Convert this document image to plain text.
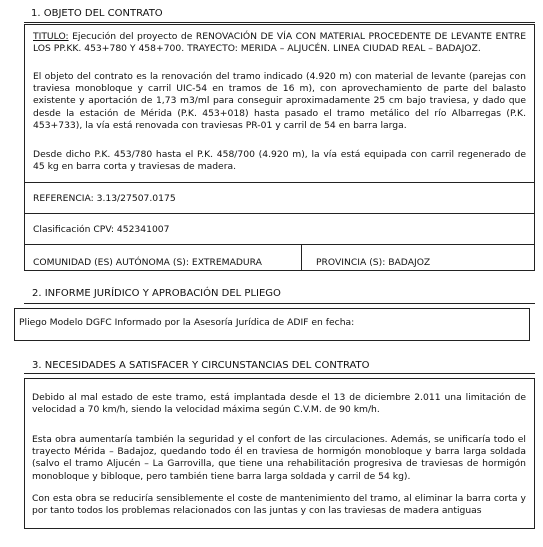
1. OBJETO DEL CONTRATO
TITULO: Ejecución del proyecto de RENOVACIÓN DE VÍA CON MATERIAL PROCEDENTE DE LEVANTE ENTRE LOS PP.KK. 453+780 Y 458+700. TRAYECTO: MERIDA – ALJUCÉN. LINEA CIUDAD REAL – BADAJOZ.
El objeto del contrato es la renovación del tramo indicado (4.920 m) con material de levante (parejas con traviesa monobloque y carril UIC-54 en tramos de 16 m), con aprovechamiento de parte del balasto existente y aportación de 1,73 m3/ml para conseguir aproximadamente 25 cm bajo traviesa, y dado que desde la estación de Mérida (P.K. 453+018) hasta pasado el tramo metálico del río Albarregas (P.K. 453+733), la vía está renovada con traviesas PR-01 y carril de 54 en barra larga.
Desde dicho P.K. 453/780 hasta el P.K. 458/700 (4.920 m), la vía está equipada con carril regenerado de 45 kg en barra corta y traviesas de madera.
REFERENCIA: 3.13/27507.0175
Clasificación CPV: 452341007
COMUNIDAD (ES) AUTÓNOMA (S): EXTREMADURA	PROVINCIA (S): BADAJOZ
2. INFORME JURÍDICO Y APROBACIÓN DEL PLIEGO
Pliego Modelo DGFC Informado por la Asesoría Jurídica de ADIF en fecha:
3. NECESIDADES A SATISFACER Y CIRCUNSTANCIAS DEL CONTRATO
Debido al mal estado de este tramo, está implantada desde el 13 de diciembre 2.011 una limitación de velocidad a 70 km/h, siendo la velocidad máxima según C.V.M. de 90 km/h.
Esta obra aumentaría también la seguridad y el confort de las circulaciones. Además, se unificaría todo el trayecto Mérida – Badajoz, quedando todo él en traviesa de hormigón monobloque y barra larga soldada (salvo el tramo Aljucén – La Garrovilla, que tiene una rehabilitación progresiva de traviesas de hormigón monobloque y bibloque, pero también tiene barra larga soldada y carril de 54 kg).
Con esta obra se reduciría sensiblemente el coste de mantenimiento del tramo, al eliminar la barra corta y por tanto todos los problemas relacionados con las juntas y con las traviesas de madera antiguas
